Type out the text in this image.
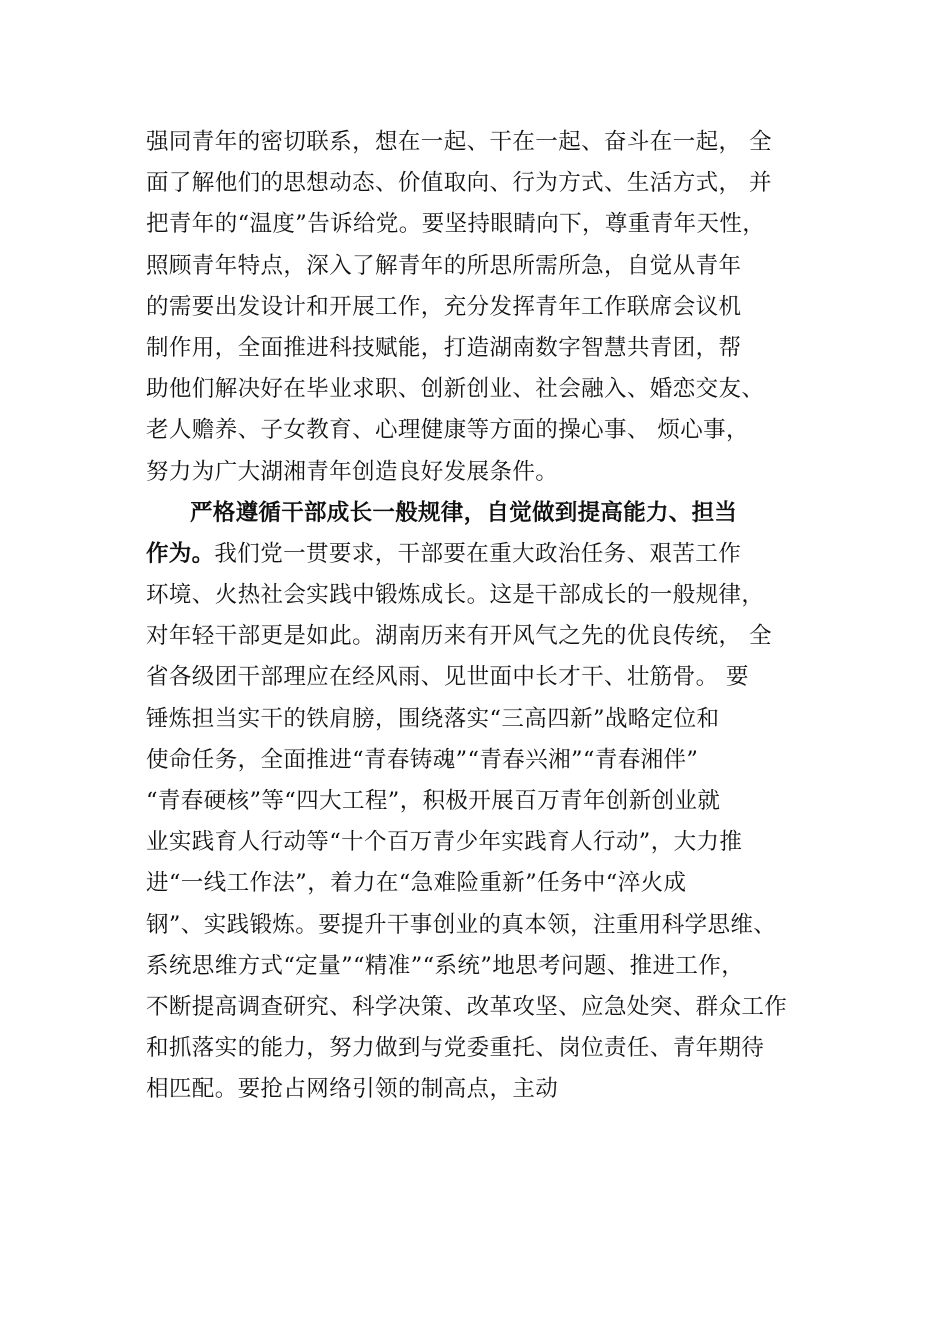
强同青年的密切联系，想在一起、干在一起、奋斗在一起， 全
面了解他们的思想动态、价值取向、行为方式、生活方式， 并
把青年的“温度”告诉给党。要坚持眼睛向下，尊重青年天性，
照顾青年特点，深入了解青年的所思所需所急，自觉从青年
的需要出发设计和开展工作，充分发挥青年工作联席会议机
制作用，全面推进科技赋能，打造湖南数字智慧共青团，帮
助他们解决好在毕业求职、创新创业、社会融入、婚恋交友、
老人赡养、子女教育、心理健康等方面的操心事、 烦心事，
努力为广大湖湘青年创造良好发展条件。
严格遵循干部成长一般规律，自觉做到提高能力、担当
作为。我们党一贯要求，干部要在重大政治任务、艰苦工作
环境、火热社会实践中锻炼成长。这是干部成长的一般规律，
对年轻干部更是如此。湖南历来有开风气之先的优良传统， 全
省各级团干部理应在经风雨、见世面中长才干、壮筋骨。 要
锤炼担当实干的铁肩膀，围绕落实“三高四新”战略定位和
使命任务，全面推进“青春铸魂”“青春兴湘”“青春湘伴”
“青春硬核”等“四大工程”，积极开展百万青年创新创业就
业实践育人行动等“十个百万青少年实践育人行动”，大力推
进“一线工作法”，着力在“急难险重新”任务中“淬火成
钢”、实践锻炼。要提升干事创业的真本领，注重用科学思维、
系统思维方式“定量”“精准”“系统”地思考问题、推进工作，
不断提高调查研究、科学决策、改革攻坚、应急处突、群众工作
和抓落实的能力，努力做到与党委重托、岗位责任、青年期待
相匹配。要抢占网络引领的制高点，主动
